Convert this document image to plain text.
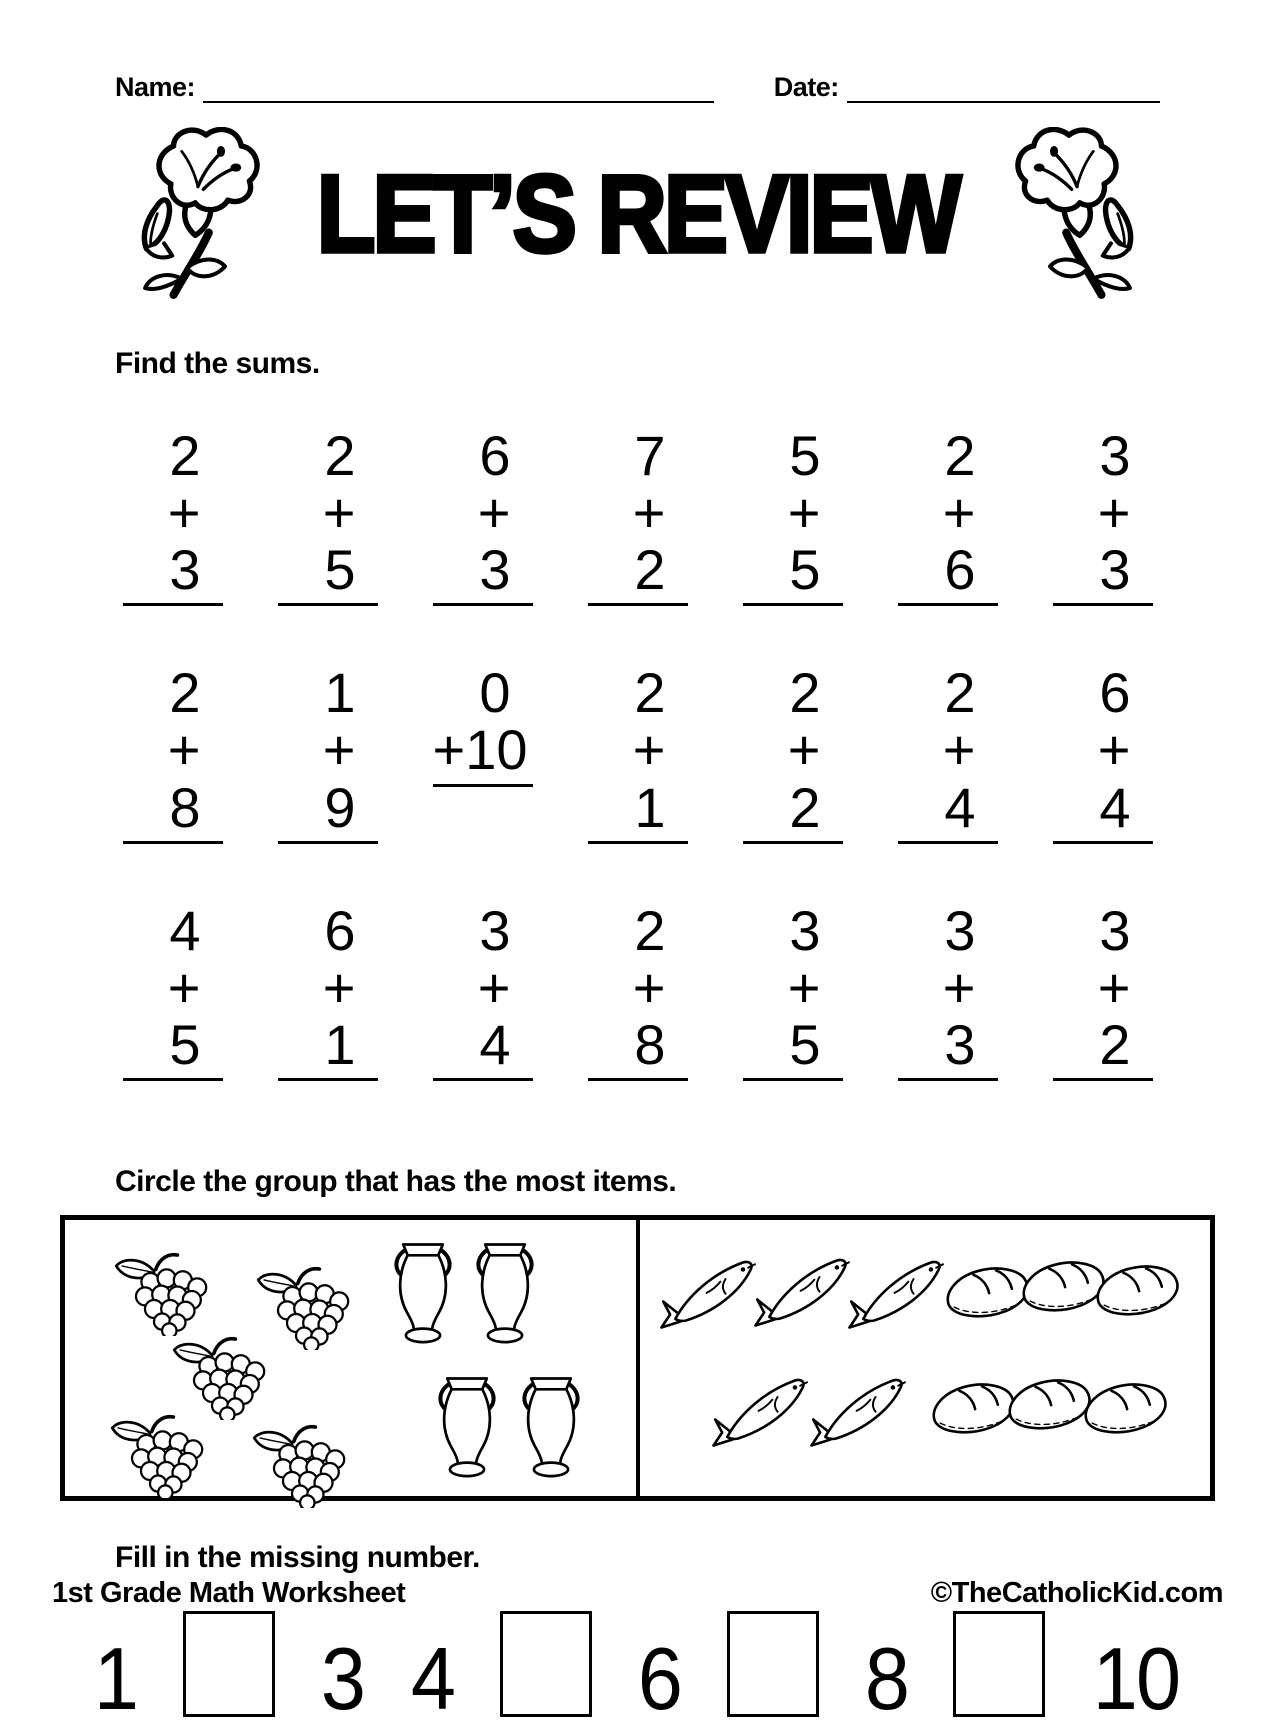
Name:	Date:
LET’S REVIEW
Find the sums.
2
+ 3
2
+ 5
6
+ 3
7
+ 2
5
+ 5
2
+ 6
3
+ 3
2
+ 8
1
+ 9
0
+10
2
+ 1
2
+ 2
2
+ 4
6
+ 4
4
+ 5
6
+ 1
3
+ 4
2
+ 8
3
+ 5
3
+ 3
3
+ 2
Circle the group that has the most items.
Fill in the missing number.
1 3 4 6 8 10
1st Grade Math Worksheet	©TheCatholicKid.com
